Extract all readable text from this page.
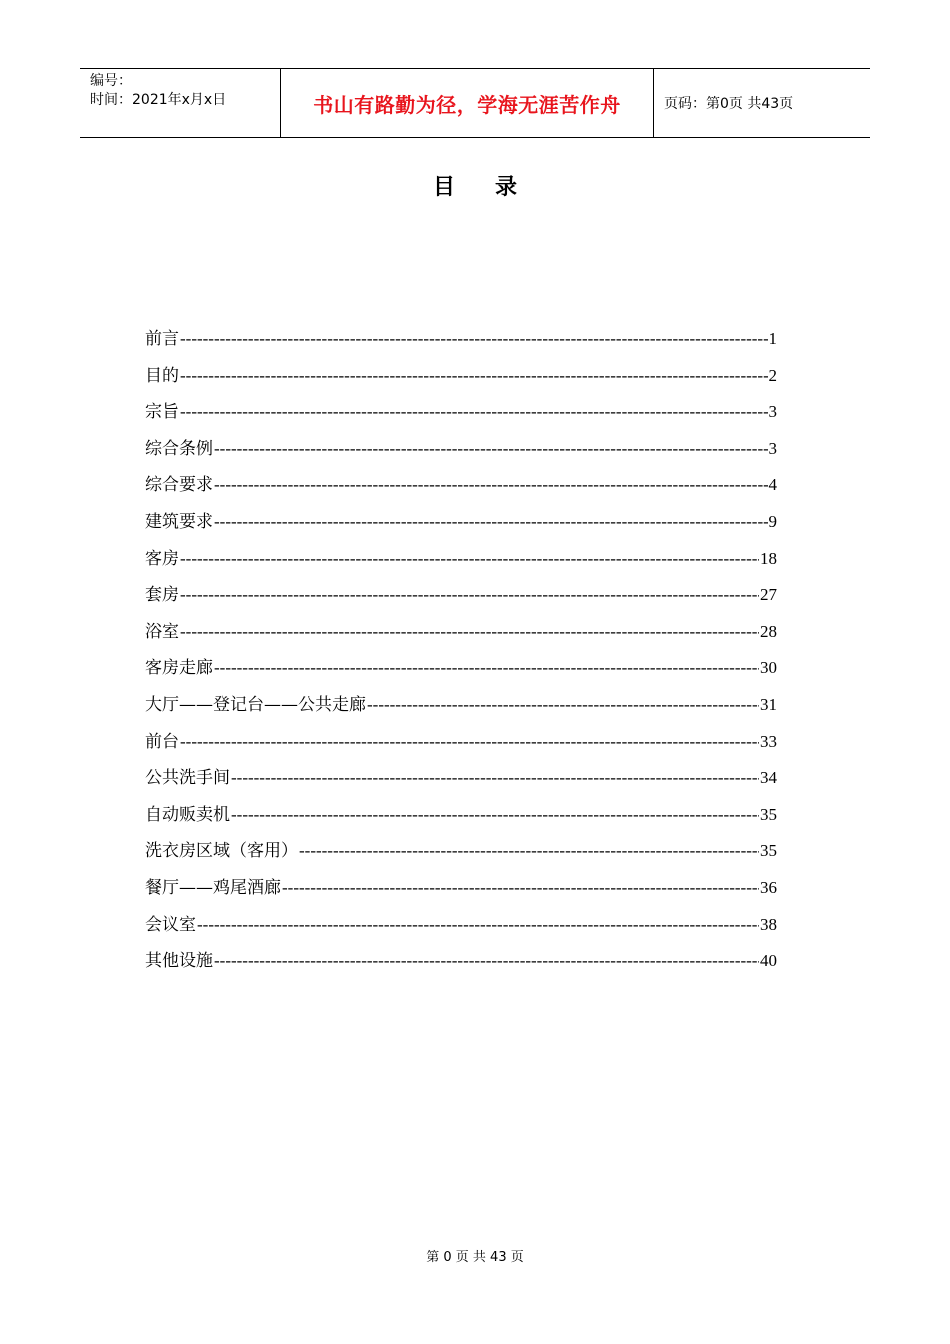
编号：
时间：2021年x月x日	书山有路勤为径，学海无涯苦作舟	页码：第0页 共43页
目 录
前言 -----	1
目的 -----	2
宗旨 -----	3
综合条例 -----	3
综合要求 -----	4
建筑要求 -----	9
客房 -----	18
套房 -----	27
浴室 -----	28
客房走廊 -----	30
大厅——登记台——公共走廊 -----	31
前台 -----	33
公共洗手间 -----	34
自动贩卖机 -----	35
洗衣房区域（客用） -----	35
餐厅——鸡尾酒廊 -----	36
会议室 -----	38
其他设施 -----	40
第 0 页 共 43 页
